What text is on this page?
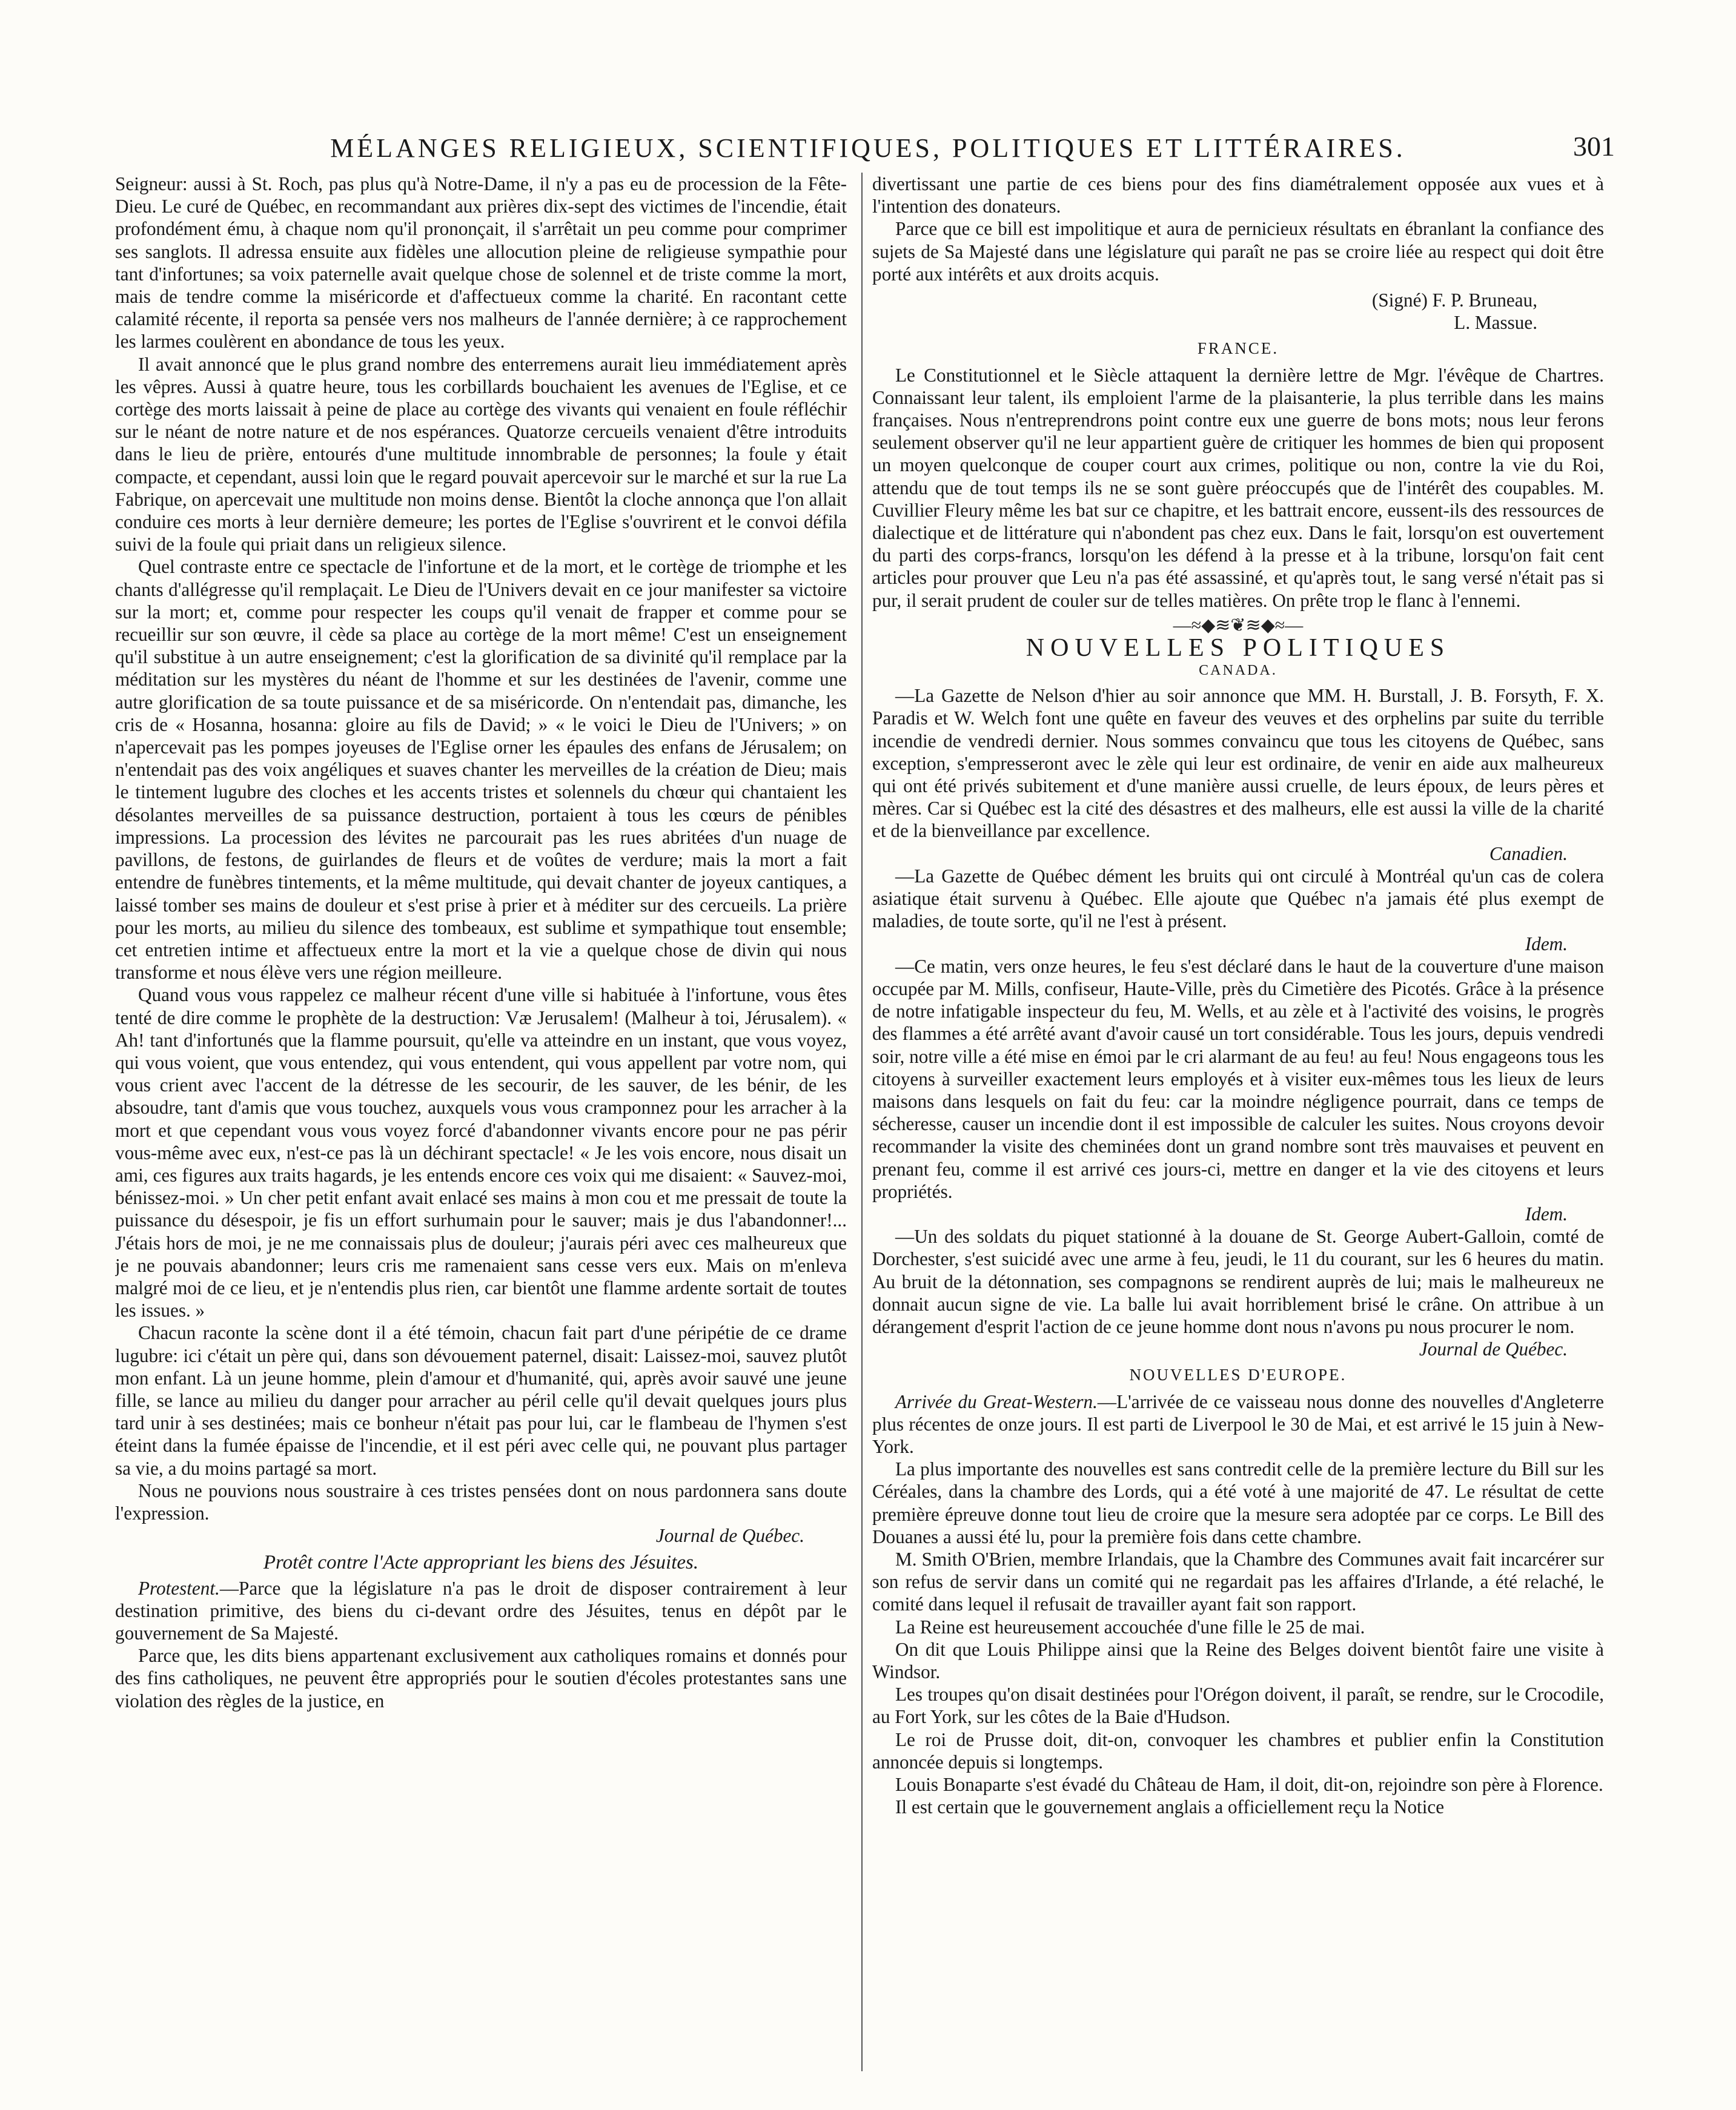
MÉLANGES RELIGIEUX, SCIENTIFIQUES, POLITIQUES ET LITTÉRAIRES.	301

Seigneur: aussi à St. Roch, pas plus qu'à Notre-Dame, il n'y a pas eu de procession de la Fête-Dieu. Le curé de Québec, en recommandant aux prières dix-sept des victimes de l'incendie, était profondément ému, à chaque nom qu'il prononçait, il s'arrêtait un peu comme pour comprimer ses sanglots. Il adressa ensuite aux fidèles une allocution pleine de religieuse sympathie pour tant d'infortunes; sa voix paternelle avait quelque chose de solennel et de triste comme la mort, mais de tendre comme la miséricorde et d'affectueux comme la charité. En racontant cette calamité récente, il reporta sa pensée vers nos malheurs de l'année dernière; à ce rapprochement les larmes coulèrent en abondance de tous les yeux.

Il avait annoncé que le plus grand nombre des enterremens aurait lieu immédiatement après les vêpres. Aussi à quatre heure, tous les corbillards bouchaient les avenues de l'Eglise, et ce cortège des morts laissait à peine de place au cortège des vivants qui venaient en foule réfléchir sur le néant de notre nature et de nos espérances. Quatorze cercueils venaient d'être introduits dans le lieu de prière, entourés d'une multitude innombrable de personnes; la foule y était compacte, et cependant, aussi loin que le regard pouvait apercevoir sur le marché et sur la rue La Fabrique, on apercevait une multitude non moins dense. Bientôt la cloche annonça que l'on allait conduire ces morts à leur dernière demeure; les portes de l'Eglise s'ouvrirent et le convoi défila suivi de la foule qui priait dans un religieux silence.

Quel contraste entre ce spectacle de l'infortune et de la mort, et le cortège de triomphe et les chants d'allégresse qu'il remplaçait. Le Dieu de l'Univers devait en ce jour manifester sa victoire sur la mort; et, comme pour respecter les coups qu'il venait de frapper et comme pour se recueillir sur son œuvre, il cède sa place au cortège de la mort même! C'est un enseignement qu'il substitue à un autre enseignement; c'est la glorification de sa divinité qu'il remplace par la méditation sur les mystères du néant de l'homme et sur les destinées de l'avenir, comme une autre glorification de sa toute puissance et de sa miséricorde. On n'entendait pas, dimanche, les cris de « Hosanna, hosanna: gloire au fils de David; » « le voici le Dieu de l'Univers; » on n'apercevait pas les pompes joyeuses de l'Eglise orner les épaules des enfans de Jérusalem; on n'entendait pas des voix angéliques et suaves chanter les merveilles de la création de Dieu; mais le tintement lugubre des cloches et les accents tristes et solennels du chœur qui chantaient les désolantes merveilles de sa puissance destruction, portaient à tous les cœurs de pénibles impressions. La procession des lévites ne parcourait pas les rues abritées d'un nuage de pavillons, de festons, de guirlandes de fleurs et de voûtes de verdure; mais la mort a fait entendre de funèbres tintements, et la même multitude, qui devait chanter de joyeux cantiques, a laissé tomber ses mains de douleur et s'est prise à prier et à méditer sur des cercueils. La prière pour les morts, au milieu du silence des tombeaux, est sublime et sympathique tout ensemble; cet entretien intime et affectueux entre la mort et la vie a quelque chose de divin qui nous transforme et nous élève vers une région meilleure.

Quand vous vous rappelez ce malheur récent d'une ville si habituée à l'infortune, vous êtes tenté de dire comme le prophète de la destruction: Væ Jerusalem! (Malheur à toi, Jérusalem). « Ah! tant d'infortunés que la flamme poursuit, qu'elle va atteindre en un instant, que vous voyez, qui vous voient, que vous entendez, qui vous entendent, qui vous appellent par votre nom, qui vous crient avec l'accent de la détresse de les secourir, de les sauver, de les bénir, de les absoudre, tant d'amis que vous touchez, auxquels vous vous cramponnez pour les arracher à la mort et que cependant vous vous voyez forcé d'abandonner vivants encore pour ne pas périr vous-même avec eux, n'est-ce pas là un déchirant spectacle! « Je les vois encore, nous disait un ami, ces figures aux traits hagards, je les entends encore ces voix qui me disaient: « Sauvez-moi, bénissez-moi. » Un cher petit enfant avait enlacé ses mains à mon cou et me pressait de toute la puissance du désespoir, je fis un effort surhumain pour le sauver; mais je dus l'abandonner!... J'étais hors de moi, je ne me connaissais plus de douleur; j'aurais péri avec ces malheureux que je ne pouvais abandonner; leurs cris me ramenaient sans cesse vers eux. Mais on m'enleva malgré moi de ce lieu, et je n'entendis plus rien, car bientôt une flamme ardente sortait de toutes les issues. »

Chacun raconte la scène dont il a été témoin, chacun fait part d'une péripétie de ce drame lugubre: ici c'était un père qui, dans son dévouement paternel, disait: Laissez-moi, sauvez plutôt mon enfant. Là un jeune homme, plein d'amour et d'humanité, qui, après avoir sauvé une jeune fille, se lance au milieu du danger pour arracher au péril celle qu'il devait quelques jours plus tard unir à ses destinées; mais ce bonheur n'était pas pour lui, car le flambeau de l'hymen s'est éteint dans la fumée épaisse de l'incendie, et il est péri avec celle qui, ne pouvant plus partager sa vie, a du moins partagé sa mort.

Nous ne pouvions nous soustraire à ces tristes pensées dont on nous pardonnera sans doute l'expression.

Journal de Québec.
Protêt contre l'Acte appropriant les biens des Jésuites.

Protestent.—Parce que la législature n'a pas le droit de disposer contrairement à leur destination primitive, des biens du ci-devant ordre des Jésuites, tenus en dépôt par le gouvernement de Sa Majesté.

Parce que, les dits biens appartenant exclusivement aux catholiques romains et donnés pour des fins catholiques, ne peuvent être appropriés pour le soutien d'écoles protestantes sans une violation des règles de la justice, en

divertissant une partie de ces biens pour des fins diamétralement opposée aux vues et à l'intention des donateurs.

Parce que ce bill est impolitique et aura de pernicieux résultats en ébranlant la confiance des sujets de Sa Majesté dans une législature qui paraît ne pas se croire liée au respect qui doit être porté aux intérêts et aux droits acquis.

(Signé) F. P. Bruneau,
L. Massue.
FRANCE.

Le Constitutionnel et le Siècle attaquent la dernière lettre de Mgr. l'évêque de Chartres. Connaissant leur talent, ils emploient l'arme de la plaisanterie, la plus terrible dans les mains françaises. Nous n'entreprendrons point contre eux une guerre de bons mots; nous leur ferons seulement observer qu'il ne leur appartient guère de critiquer les hommes de bien qui proposent un moyen quelconque de couper court aux crimes, politique ou non, contre la vie du Roi, attendu que de tout temps ils ne se sont guère préoccupés que de l'intérêt des coupables. M. Cuvillier Fleury même les bat sur ce chapitre, et les battrait encore, eussent-ils des ressources de dialectique et de littérature qui n'abondent pas chez eux. Dans le fait, lorsqu'on est ouvertement du parti des corps-francs, lorsqu'on les défend à la presse et à la tribune, lorsqu'on fait cent articles pour prouver que Leu n'a pas été assassiné, et qu'après tout, le sang versé n'était pas si pur, il serait prudent de couler sur de telles matières. On prête trop le flanc à l'ennemi.

—≈◆≋❦≋◆≈—
NOUVELLES POLITIQUES
CANADA.

—La Gazette de Nelson d'hier au soir annonce que MM. H. Burstall, J. B. Forsyth, F. X. Paradis et W. Welch font une quête en faveur des veuves et des orphelins par suite du terrible incendie de vendredi dernier. Nous sommes convaincu que tous les citoyens de Québec, sans exception, s'empresseront avec le zèle qui leur est ordinaire, de venir en aide aux malheureux qui ont été privés subitement et d'une manière aussi cruelle, de leurs époux, de leurs pères et mères. Car si Québec est la cité des désastres et des malheurs, elle est aussi la ville de la charité et de la bienveillance par excellence.

Canadien.

—La Gazette de Québec dément les bruits qui ont circulé à Montréal qu'un cas de colera asiatique était survenu à Québec. Elle ajoute que Québec n'a jamais été plus exempt de maladies, de toute sorte, qu'il ne l'est à présent.

Idem.

—Ce matin, vers onze heures, le feu s'est déclaré dans le haut de la couverture d'une maison occupée par M. Mills, confiseur, Haute-Ville, près du Cimetière des Picotés. Grâce à la présence de notre infatigable inspecteur du feu, M. Wells, et au zèle et à l'activité des voisins, le progrès des flammes a été arrêté avant d'avoir causé un tort considérable. Tous les jours, depuis vendredi soir, notre ville a été mise en émoi par le cri alarmant de au feu! au feu! Nous engageons tous les citoyens à surveiller exactement leurs employés et à visiter eux-mêmes tous les lieux de leurs maisons dans lesquels on fait du feu: car la moindre négligence pourrait, dans ce temps de sécheresse, causer un incendie dont il est impossible de calculer les suites. Nous croyons devoir recommander la visite des cheminées dont un grand nombre sont très mauvaises et peuvent en prenant feu, comme il est arrivé ces jours-ci, mettre en danger et la vie des citoyens et leurs propriétés.

Idem.

—Un des soldats du piquet stationné à la douane de St. George Aubert-Galloin, comté de Dorchester, s'est suicidé avec une arme à feu, jeudi, le 11 du courant, sur les 6 heures du matin. Au bruit de la détonnation, ses compagnons se rendirent auprès de lui; mais le malheureux ne donnait aucun signe de vie. La balle lui avait horriblement brisé le crâne. On attribue à un dérangement d'esprit l'action de ce jeune homme dont nous n'avons pu nous procurer le nom.

Journal de Québec.
NOUVELLES D'EUROPE.

Arrivée du Great-Western.—L'arrivée de ce vaisseau nous donne des nouvelles d'Angleterre plus récentes de onze jours. Il est parti de Liverpool le 30 de Mai, et est arrivé le 15 juin à New-York.

La plus importante des nouvelles est sans contredit celle de la première lecture du Bill sur les Céréales, dans la chambre des Lords, qui a été voté à une majorité de 47. Le résultat de cette première épreuve donne tout lieu de croire que la mesure sera adoptée par ce corps. Le Bill des Douanes a aussi été lu, pour la première fois dans cette chambre.

M. Smith O'Brien, membre Irlandais, que la Chambre des Communes avait fait incarcérer sur son refus de servir dans un comité qui ne regardait pas les affaires d'Irlande, a été relaché, le comité dans lequel il refusait de travailler ayant fait son rapport.

La Reine est heureusement accouchée d'une fille le 25 de mai.

On dit que Louis Philippe ainsi que la Reine des Belges doivent bientôt faire une visite à Windsor.

Les troupes qu'on disait destinées pour l'Orégon doivent, il paraît, se rendre, sur le Crocodile, au Fort York, sur les côtes de la Baie d'Hudson.

Le roi de Prusse doit, dit-on, convoquer les chambres et publier enfin la Constitution annoncée depuis si longtemps.

Louis Bonaparte s'est évadé du Château de Ham, il doit, dit-on, rejoindre son père à Florence.

Il est certain que le gouvernement anglais a officiellement reçu la Notice
